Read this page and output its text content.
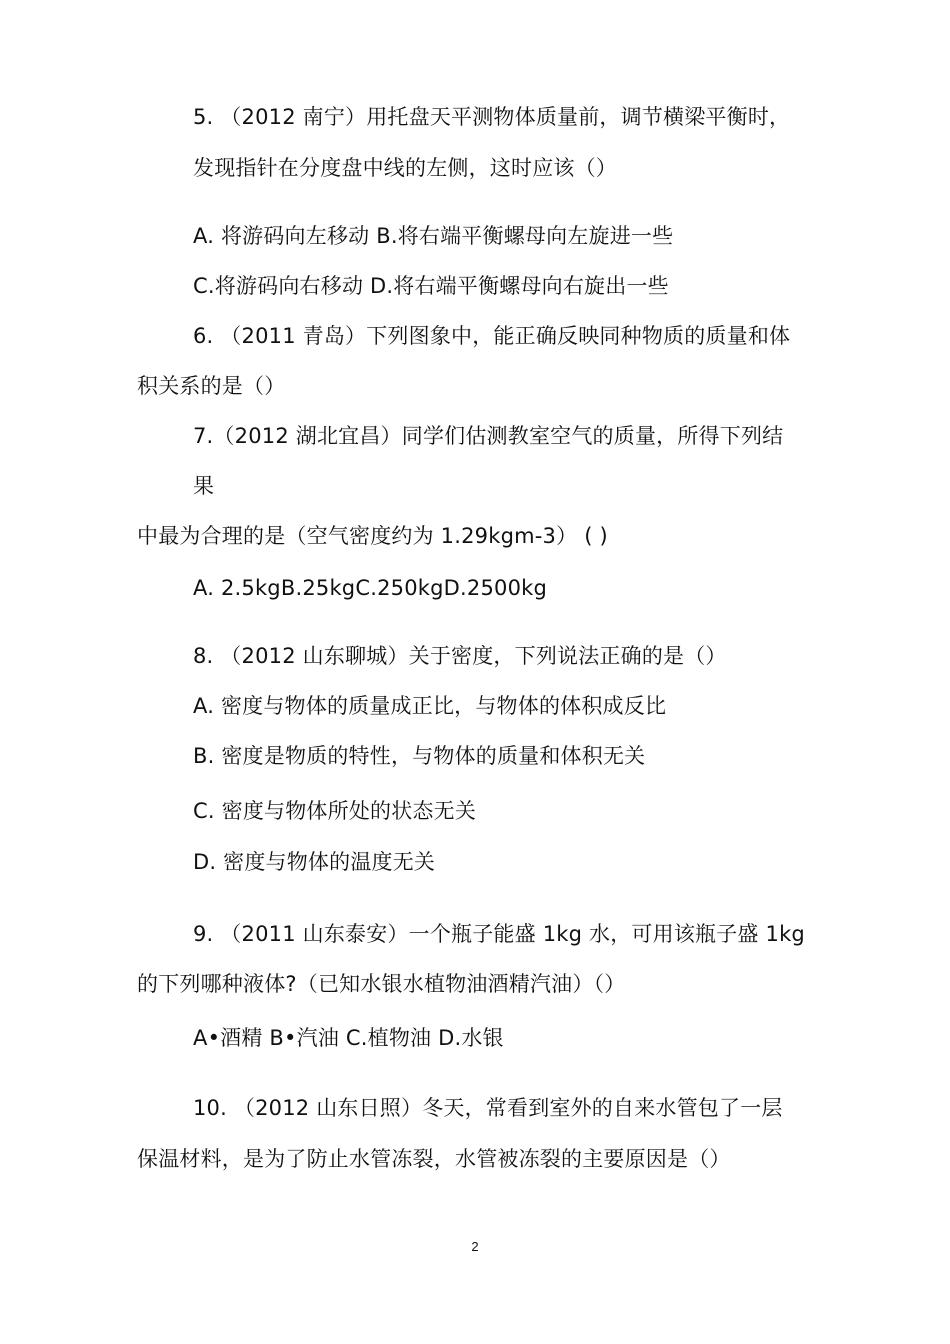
5. （2012 南宁）用托盘天平测物体质量前，调节横梁平衡时，
发现指针在分度盘中线的左侧，这时应该（）
A. 将游码向左移动 B.将右端平衡螺母向左旋进一些
C.将游码向右移动 D.将右端平衡螺母向右旋出一些
6. （2011 青岛）下列图象中，能正确反映同种物质的质量和体
积关系的是（）
7.（2012 湖北宜昌）同学们估测教室空气的质量，所得下列结
果
中最为合理的是（空气密度约为 1.29kgm-3） ( )
A. 2.5kgB.25kgC.250kgD.2500kg
8. （2012 山东聊城）关于密度，下列说法正确的是（）
A. 密度与物体的质量成正比，与物体的体积成反比
B. 密度是物质的特性，与物体的质量和体积无关
C. 密度与物体所处的状态无关
D. 密度与物体的温度无关
9. （2011 山东泰安）一个瓶子能盛 1kg 水，可用该瓶子盛 1kg
的下列哪种液体?（已知水银水植物油酒精汽油）（）
A•酒精 B•汽油 C.植物油 D.水银
10. （2012 山东日照）冬天，常看到室外的自来水管包了一层
保温材料，是为了防止水管冻裂，水管被冻裂的主要原因是（）
2
